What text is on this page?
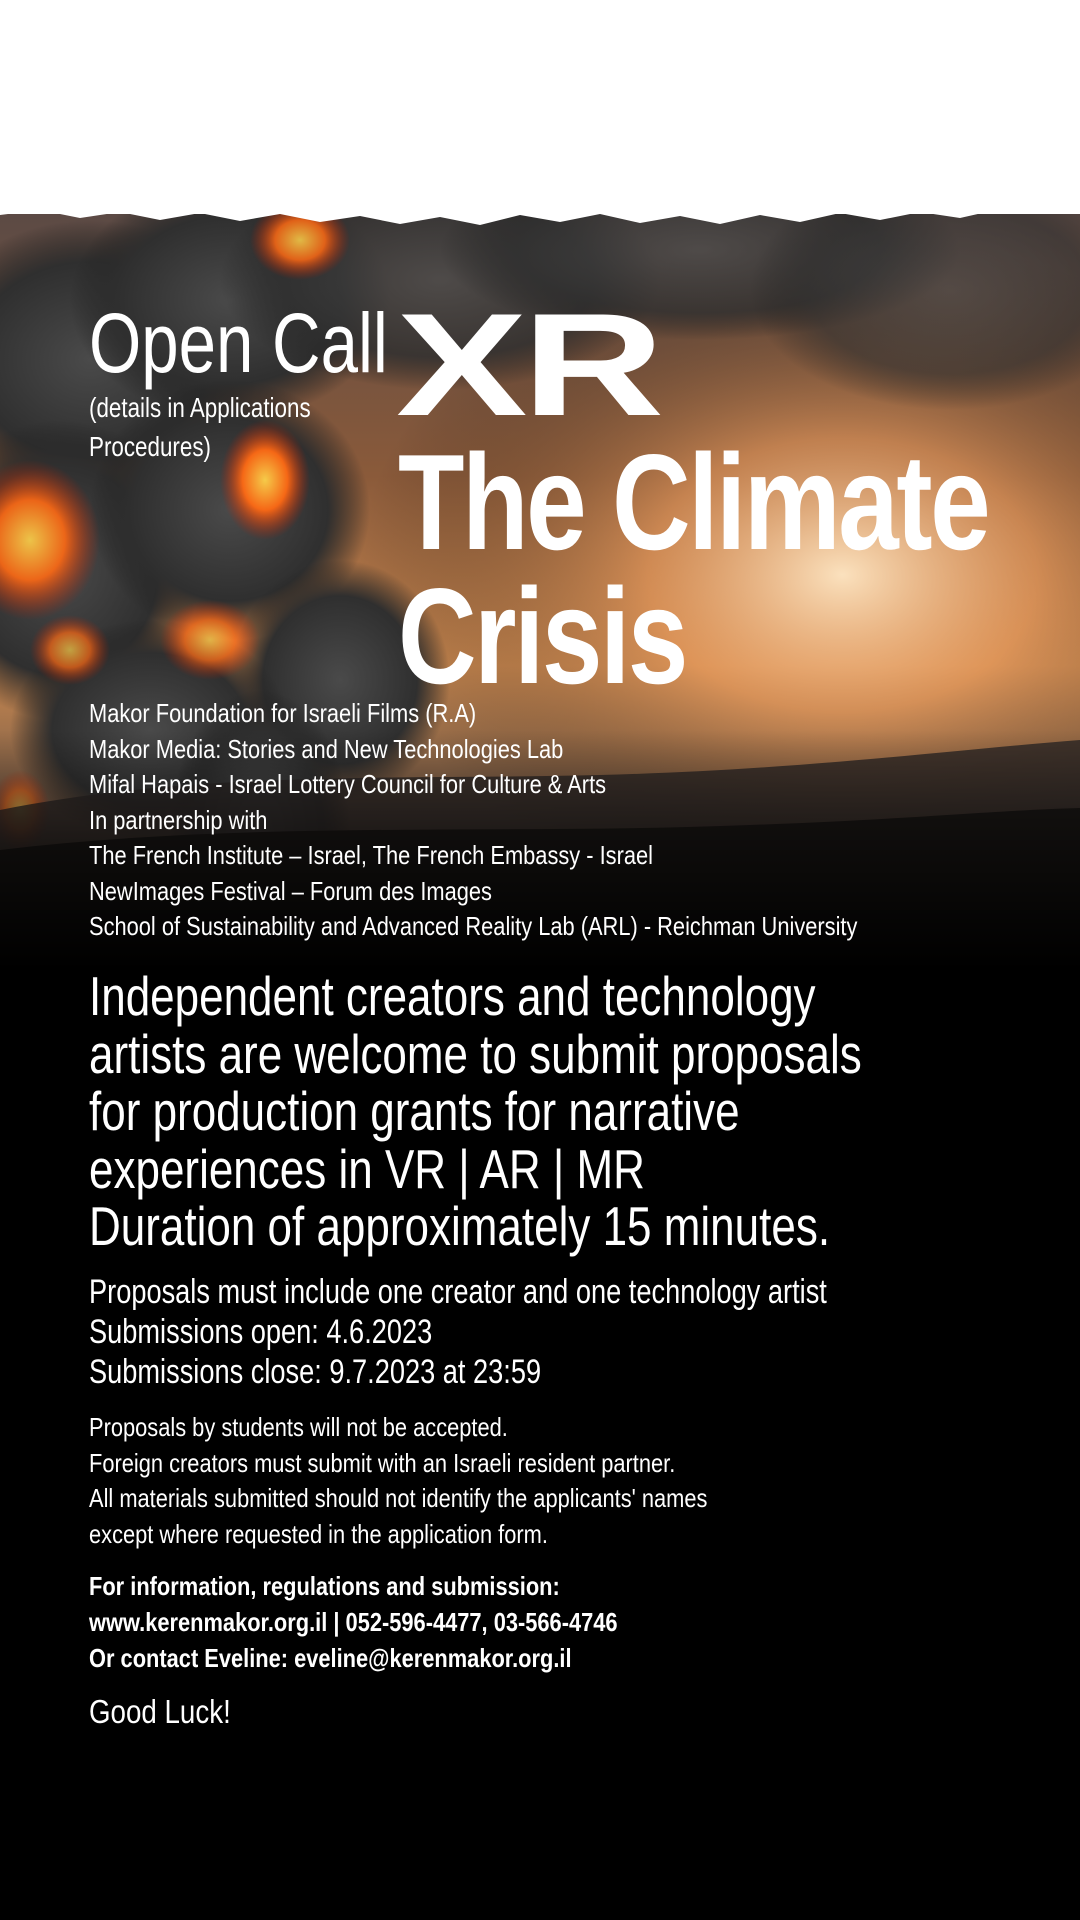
Open Call
(details in Applications Procedures)
XR
The Climate
Crisis
Makor Foundation for Israeli Films (R.A)
Makor Media: Stories and New Technologies Lab
Mifal Hapais - Israel Lottery Council for Culture & Arts
In partnership with
The French Institute – Israel, The French Embassy - Israel
NewImages Festival – Forum des Images
School of Sustainability and Advanced Reality Lab (ARL) - Reichman University
Independent creators and technology
artists are welcome to submit proposals
for production grants for narrative
experiences in VR | AR | MR
Duration of approximately 15 minutes.
Proposals must include one creator and one technology artist
Submissions open: 4.6.2023
Submissions close: 9.7.2023 at 23:59
Proposals by students will not be accepted.
Foreign creators must submit with an Israeli resident partner.
All materials submitted should not identify the applicants' names
except where requested in the application form.
For information, regulations and submission:
www.kerenmakor.org.il | 052-596-4477, 03-566-4746
Or contact Eveline: eveline@kerenmakor.org.il
Good Luck!
